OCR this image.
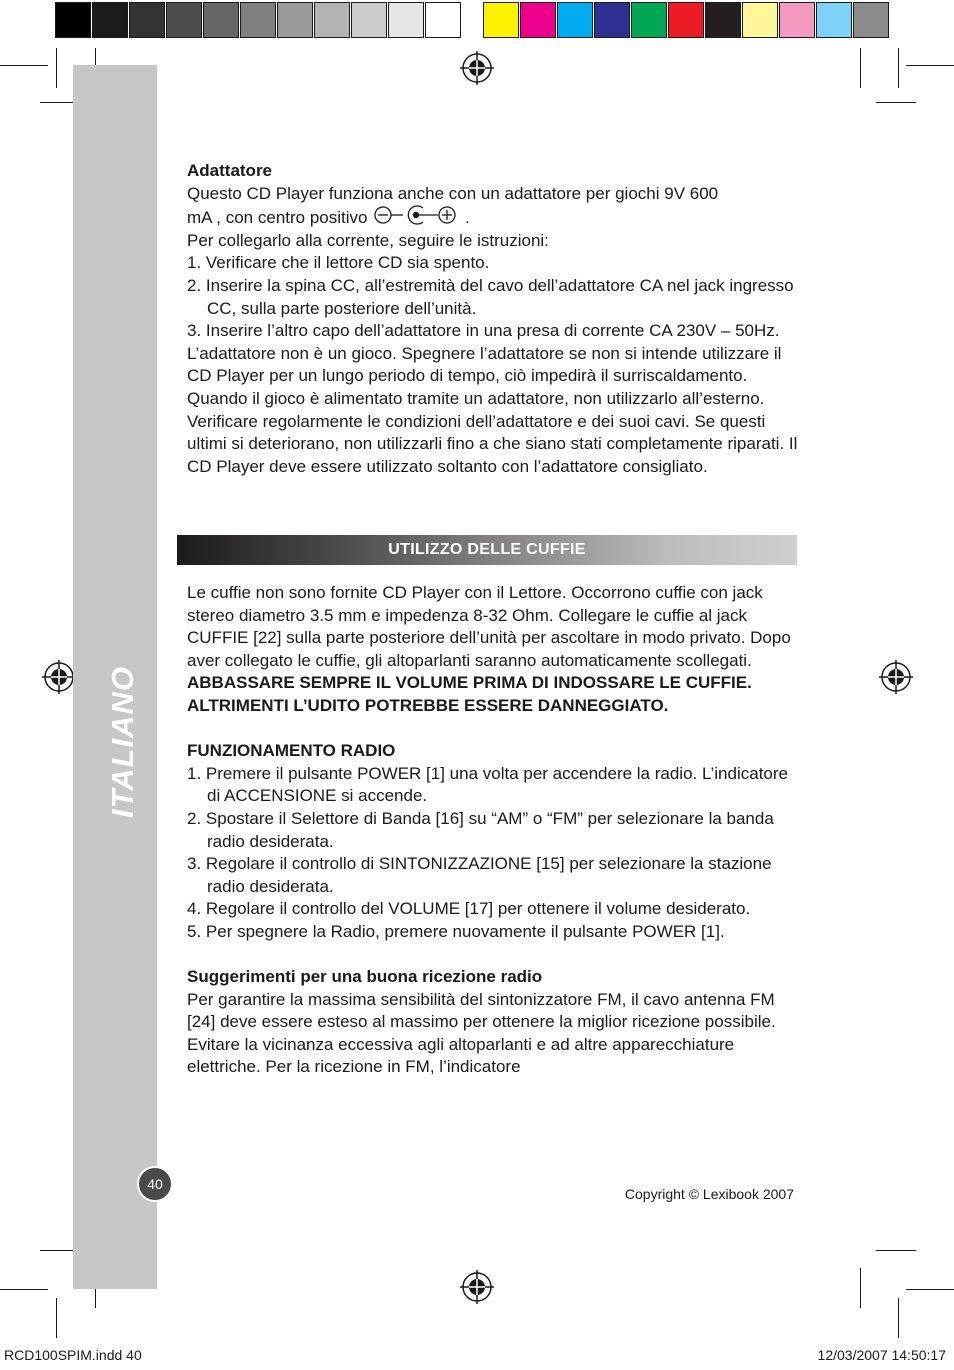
ITALIANO

Adattatore

Questo CD Player funziona anche con un adattatore per giochi 9V 600

mA , con centro positivo	.

Per collegarlo alla corrente, seguire le istruzioni:

1. Verificare che il lettore CD sia spento.
2. Inserire la spina CC, all’estremità del cavo dell’adattatore CA nel jack ingresso CC, sulla parte posteriore dell’unità.
3. Inserire l’altro capo dell’adattatore in una presa di corrente CA 230V – 50Hz.

L’adattatore non è un gioco. Spegnere l’adattatore se non si intende utilizzare il CD Player per un lungo periodo di tempo, ciò impedirà il surriscaldamento. Quando il gioco è alimentato tramite un adattatore, non utilizzarlo all’esterno. Verificare regolarmente le condizioni dell’adattatore e dei suoi cavi. Se questi ultimi si deteriorano, non utilizzarli fino a che siano stati completamente riparati. Il CD Player deve essere utilizzato soltanto con l’adattatore consigliato.

UTILIZZO DELLE CUFFIE

Le cuffie non sono fornite CD Player con il Lettore. Occorrono cuffie con jack stereo diametro 3.5 mm e impedenza 8-32 Ohm. Collegare le cuffie al jack CUFFIE [22] sulla parte posteriore dell’unità per ascoltare in modo privato. Dopo aver collegato le cuffie, gli altoparlanti saranno automaticamente scollegati.

ABBASSARE SEMPRE IL VOLUME PRIMA DI INDOSSARE LE CUFFIE. ALTRIMENTI L’UDITO POTREBBE ESSERE DANNEGGIATO.

FUNZIONAMENTO RADIO

1. Premere il pulsante POWER [1] una volta per accendere la radio. L’indicatore di ACCENSIONE si accende.
2. Spostare il Selettore di Banda [16] su “AM” o “FM” per selezionare la banda radio desiderata.
3. Regolare il controllo di SINTONIZZAZIONE [15] per selezionare la stazione radio desiderata.
4. Regolare il controllo del VOLUME [17] per ottenere il volume desiderato.
5. Per spegnere la Radio, premere nuovamente il pulsante POWER [1].

Suggerimenti per una buona ricezione radio

Per garantire la massima sensibilità del sintonizzatore FM, il cavo antenna FM [24] deve essere esteso al massimo per ottenere la miglior ricezione possibile. Evitare la vicinanza eccessiva agli altoparlanti e ad altre apparecchiature elettriche. Per la ricezione in FM, l’indicatore

40
Copyright © Lexibook 2007
RCD100SPIM.indd 40	12/03/2007 14:50:17
